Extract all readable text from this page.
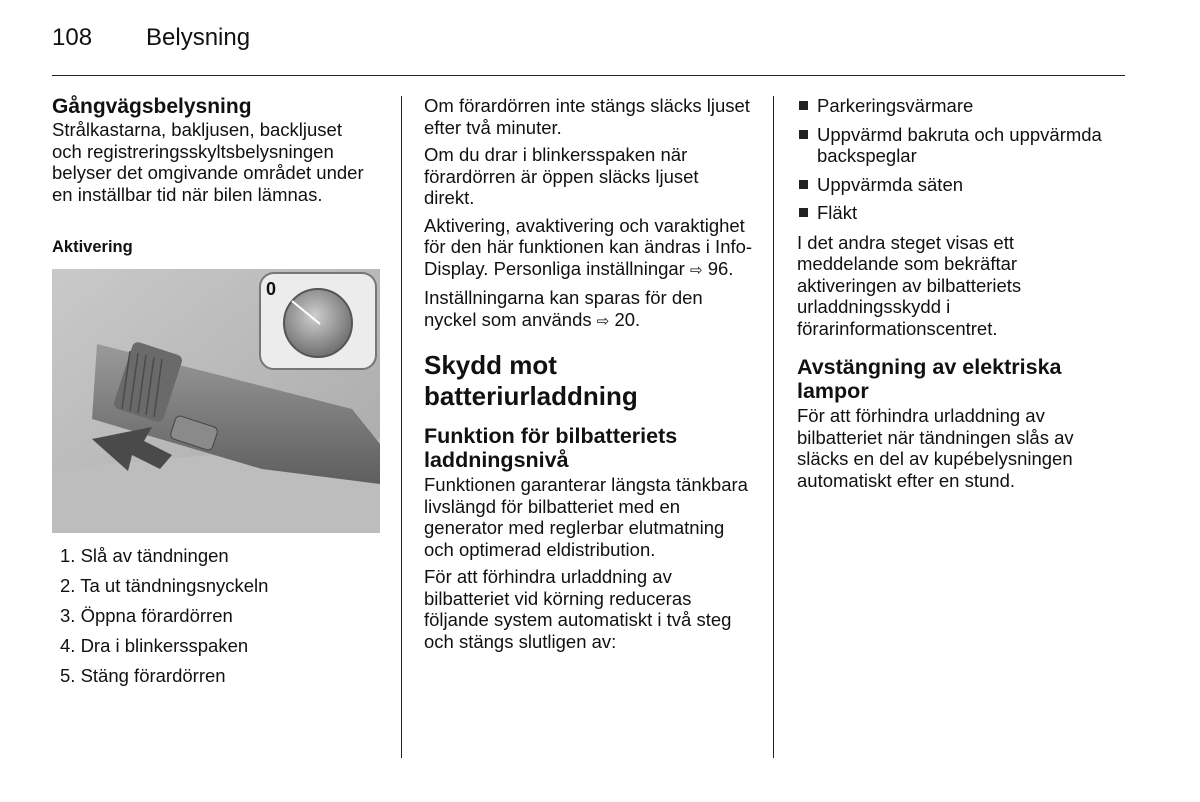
108 Belysning
Gångvägsbelysning

Strålkastarna, bakljusen, backljuset och registreringsskyltsbelysningen belyser det omgivande området under en inställbar tid när bilen lämnas.

Aktivering
0
1. Slå av tändningen
2. Ta ut tändningsnyckeln
3. Öppna förardörren
4. Dra i blinkersspaken
5. Stäng förardörren

Om förardörren inte stängs släcks ljuset efter två minuter.

Om du drar i blinkersspaken när förardörren är öppen släcks ljuset direkt.

Aktivering, avaktivering och varaktighet för den här funktionen kan ändras i Info-Display. Personliga inställningar ⇨ 96.

Inställningarna kan sparas för den nyckel som används ⇨ 20.

Skydd mot batteriurladdning
Funktion för bilbatteriets laddningsnivå

Funktionen garanterar längsta tänkbara livslängd för bilbatteriet med en generator med reglerbar elutmatning och optimerad eldistribution.

För att förhindra urladdning av bilbatteriet vid körning reduceras följande system automatiskt i två steg och stängs slutligen av:

Parkeringsvärmare
Uppvärmd bakruta och uppvärmda backspeglar
Uppvärmda säten
Fläkt

I det andra steget visas ett meddelande som bekräftar aktiveringen av bilbatteriets urladdningsskydd i förarinformationscentret.

Avstängning av elektriska lampor

För att förhindra urladdning av bilbatteriet när tändningen slås av släcks en del av kupébelysningen automatiskt efter en stund.
